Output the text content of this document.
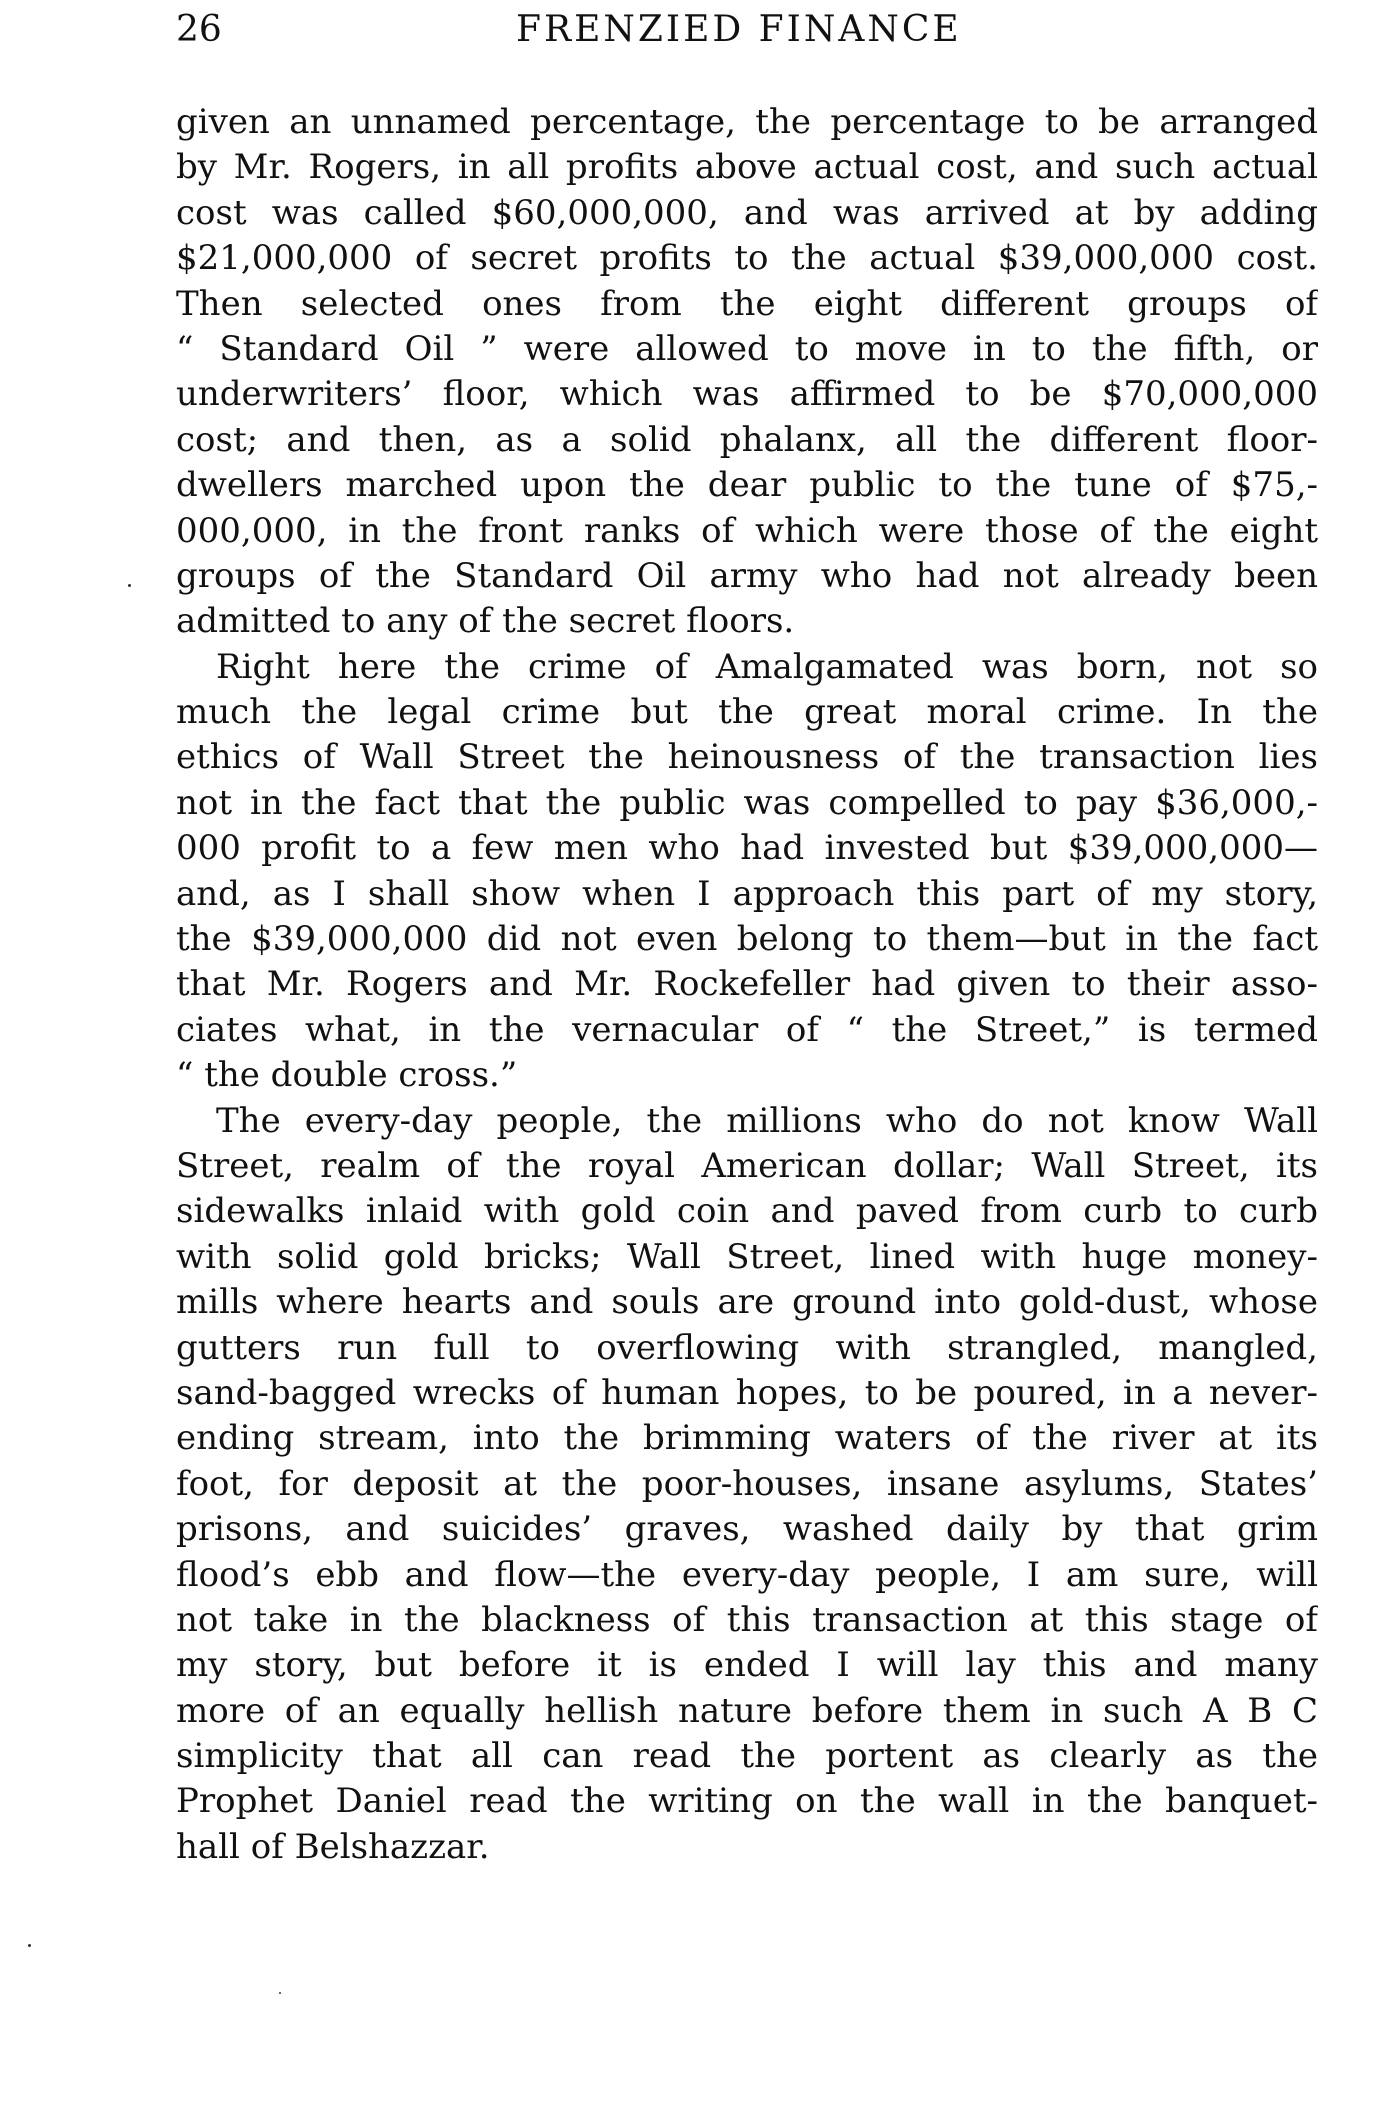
26	FRENZIED FINANCE

given an unnamed percentage, the percentage to be arranged
by Mr. Rogers, in all profits above actual cost, and such actual
cost was called $60,000,000, and was arrived at by adding
$21,000,000 of secret profits to the actual $39,000,000 cost.
Then selected ones from the eight different groups of
“ Standard Oil ” were allowed to move in to the fifth, or
underwriters’ floor, which was affirmed to be $70,000,000
cost; and then, as a solid phalanx, all the different floor-
dwellers marched upon the dear public to the tune of $75,-
000,000, in the front ranks of which were those of the eight
groups of the Standard Oil army who had not already been
admitted to any of the secret floors.

Right here the crime of Amalgamated was born, not so
much the legal crime but the great moral crime. In the
ethics of Wall Street the heinousness of the transaction lies
not in the fact that the public was compelled to pay $36,000,-
000 profit to a few men who had invested but $39,000,000—
and, as I shall show when I approach this part of my story,
the $39,000,000 did not even belong to them—but in the fact
that Mr. Rogers and Mr. Rockefeller had given to their asso-
ciates what, in the vernacular of “ the Street,” is termed
“ the double cross.”

The every-day people, the millions who do not know Wall
Street, realm of the royal American dollar; Wall Street, its
sidewalks inlaid with gold coin and paved from curb to curb
with solid gold bricks; Wall Street, lined with huge money-
mills where hearts and souls are ground into gold-dust, whose
gutters run full to overflowing with strangled, mangled,
sand-bagged wrecks of human hopes, to be poured, in a never-
ending stream, into the brimming waters of the river at its
foot, for deposit at the poor-houses, insane asylums, States’
prisons, and suicides’ graves, washed daily by that grim
flood’s ebb and flow—the every-day people, I am sure, will
not take in the blackness of this transaction at this stage of
my story, but before it is ended I will lay this and many
more of an equally hellish nature before them in such A B C
simplicity that all can read the portent as clearly as the
Prophet Daniel read the writing on the wall in the banquet-
hall of Belshazzar.
